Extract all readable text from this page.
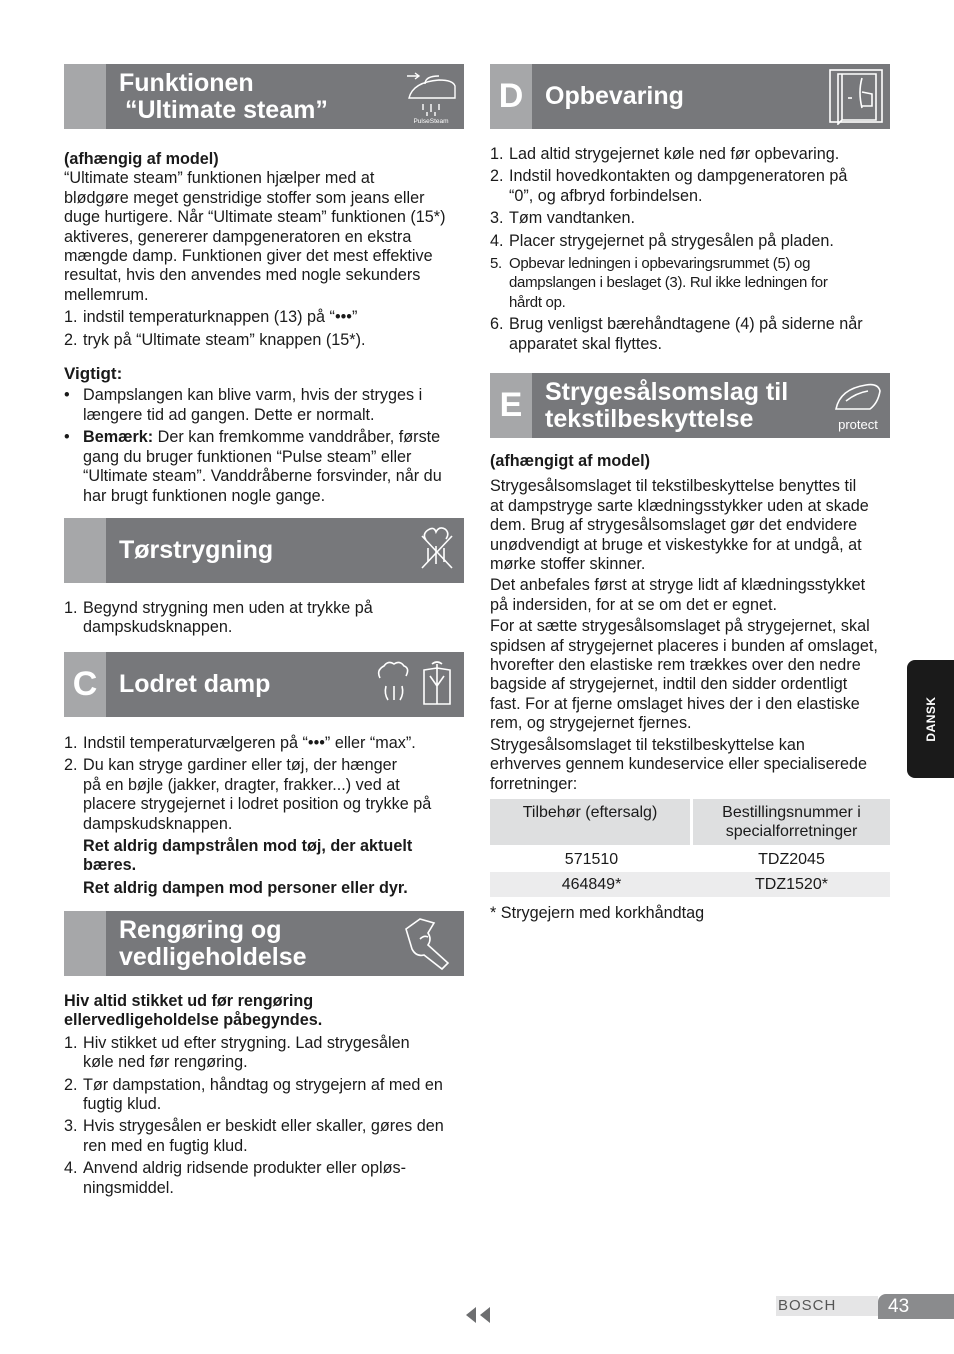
Funktionen
“Ultimate steam”	PulseSteam
(afhængig af model)
“Ultimate steam” funktionen hjælper med at
blødgøre meget genstridige stoffer som jeans eller
duge hurtigere. Når “Ultimate steam” funktionen (15*)
aktiveres, genererer dampgeneratoren en ekstra
mængde damp. Funktionen giver det mest effektive
resultat, hvis den anvendes med nogle sekunders
mellemrum.
1. indstil temperaturknappen (13) på “•••”
2. tryk på “Ultimate steam” knappen (15*).
Vigtigt:
• Dampslangen kan blive varm, hvis der stryges i
længere tid ad gangen. Dette er normalt.
• Bemærk: Der kan fremkomme vanddråber, første
gang du bruger funktionen “Pulse steam” eller
“Ultimate steam”. Vanddråberne forsvinder, når du
har brugt funktionen nogle gange.
Tørstrygning
1. Begynd strygning men uden at trykke på
dampskudsknappen.
C Lodret damp
1. Indstil temperaturvælgeren på “•••” eller “max”.
2. Du kan stryge gardiner eller tøj, der hænger
på en bøjle (jakker, dragter, frakker...) ved at
placere strygejernet i lodret position og trykke på
dampskudsknappen.
Ret aldrig dampstrålen mod tøj, der aktuelt
bæres.
Ret aldrig dampen mod personer eller dyr.
Rengøring og
vedligeholdelse
Hiv altid stikket ud før rengøring
ellervedligeholdelse påbegyndes.
1. Hiv stikket ud efter strygning. Lad strygesålen
køle ned før rengøring.
2. Tør dampstation, håndtag og strygejern af med en
fugtig klud.
3. Hvis strygesålen er beskidt eller skaller, gøres den
ren med en fugtig klud.
4. Anvend aldrig ridsende produkter eller opløs-
ningsmiddel.
D Opbevaring
1. Lad altid strygejernet køle ned før opbevaring.
2. Indstil hovedkontakten og dampgeneratoren på
“0”, og afbryd forbindelsen.
3. Tøm vandtanken.
4. Placer strygejernet på strygesålen på pladen.
5. Opbevar ledningen i opbevaringsrummet (5) og
dampslangen i beslaget (3). Rul ikke ledningen for
hårdt op.
6. Brug venligst bærehåndtagene (4) på siderne når
apparatet skal flyttes.
E Strygesålsomslag til
tekstilbeskyttelse	protect
(afhængigt af model)
Strygesålsomslaget til tekstilbeskyttelse benyttes til
at dampstryge sarte klædningsstykker uden at skade
dem. Brug af strygesålsomslaget gør det endvidere
unødvendigt at bruge et viskestykke for at undgå, at
mørke stoffer skinner.
Det anbefales først at stryge lidt af klædningsstykket
på indersiden, for at se om det er egnet.
For at sætte strygesålsomslaget på strygejernet, skal
spidsen af strygejernet placeres i bunden af omslaget,
hvorefter den elastiske rem trækkes over den nedre
bagside af strygejernet, indtil den sidder ordentligt
fast. For at fjerne omslaget hives der i den elastiske
rem, og strygejernet fjernes.
Strygesålsomslaget til tekstilbeskyttelse kan
erhverves gennem kundeservice eller specialiserede
forretninger:
Tilbehør (eftersalg)	Bestillingsnummer i
specialforretninger
571510	TDZ2045
464849*	TDZ1520*
* Strygejern med korkhåndtag
DANSK
BOSCH	43
